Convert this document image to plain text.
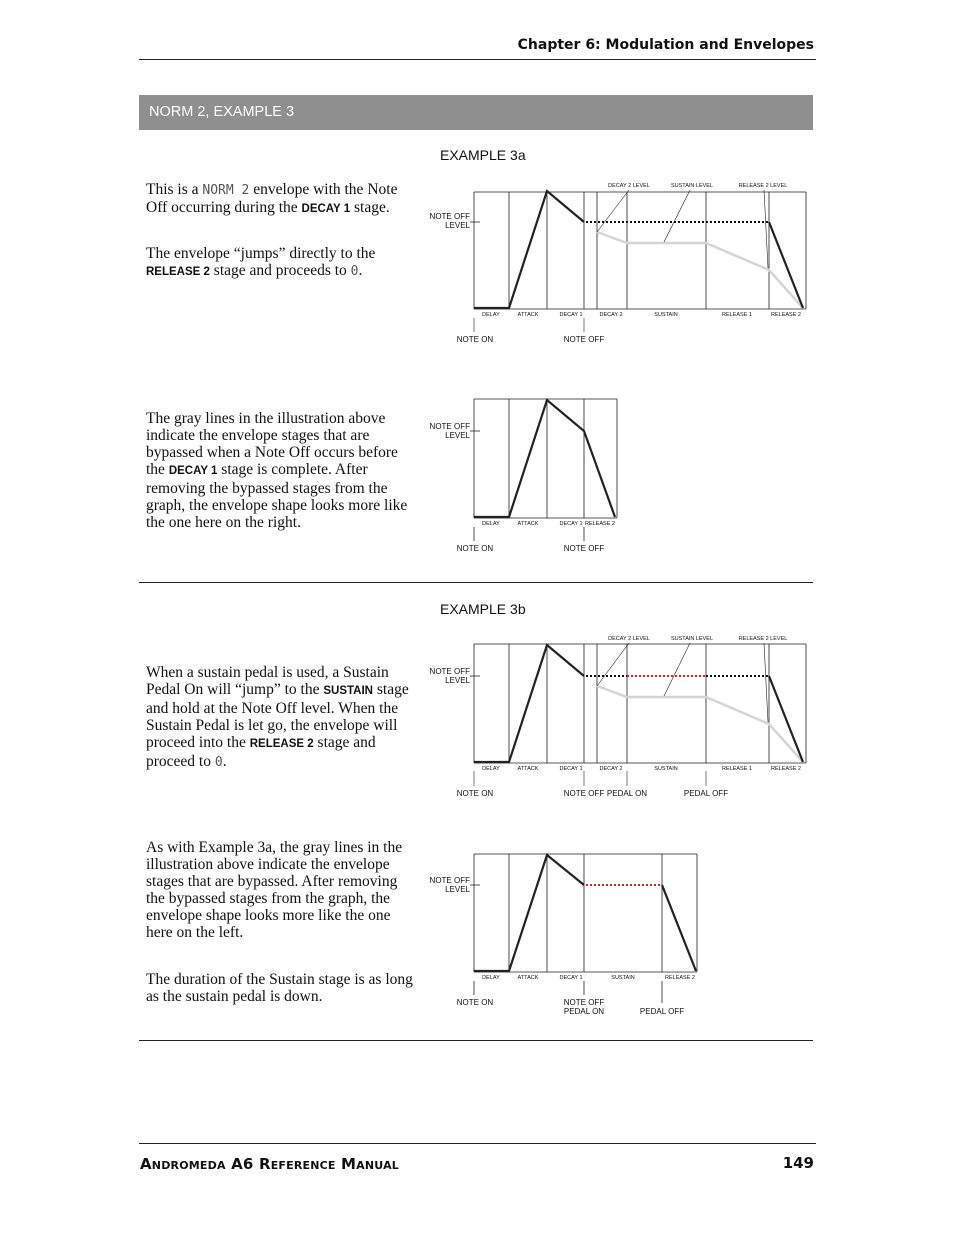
Chapter 6: Modulation and Envelopes
NORM 2, EXAMPLE 3
EXAMPLE 3a

This is a NORM 2 envelope with the Note Off occurring during the DECAY 1 stage.

The envelope “jumps” directly to the RELEASE 2 stage and proceeds to 0.

NOTE OFF
LEVEL
DECAY 2 LEVEL	SUSTAIN LEVEL	RELEASE 2 LEVEL
DELAY	ATTACK	DECAY 1	DECAY 2	SUSTAIN	RELEASE 1	RELEASE 2
NOTE ON	NOTE OFF

The gray lines in the illustration above indicate the envelope stages that are bypassed when a Note Off occurs before the DECAY 1 stage is complete. After removing the bypassed stages from the graph, the envelope shape looks more like the one here on the right.

NOTE OFF
LEVEL
DELAY	ATTACK	DECAY 1 RELEASE 2
NOTE ON	NOTE OFF
EXAMPLE 3b

When a sustain pedal is used, a Sustain Pedal On will “jump” to the SUSTAIN stage and hold at the Note Off level. When the Sustain Pedal is let go, the envelope will proceed into the RELEASE 2 stage and proceed to 0.

NOTE OFF
LEVEL
DECAY 2 LEVEL	SUSTAIN LEVEL	RELEASE 2 LEVEL
DELAY	ATTACK	DECAY 1	DECAY 2	SUSTAIN	RELEASE 1	RELEASE 2
NOTE ON	NOTE OFF PEDAL ON	PEDAL OFF

As with Example 3a, the gray lines in the illustration above indicate the envelope stages that are bypassed. After removing the bypassed stages from the graph, the envelope shape looks more like the one here on the left.

The duration of the Sustain stage is as long as the sustain pedal is down.

NOTE OFF
LEVEL
DELAY	ATTACK	DECAY 1	SUSTAIN	RELEASE 2
NOTE ON	NOTE OFF
PEDAL ON	PEDAL OFF
Andromeda A6 Reference Manual	149
